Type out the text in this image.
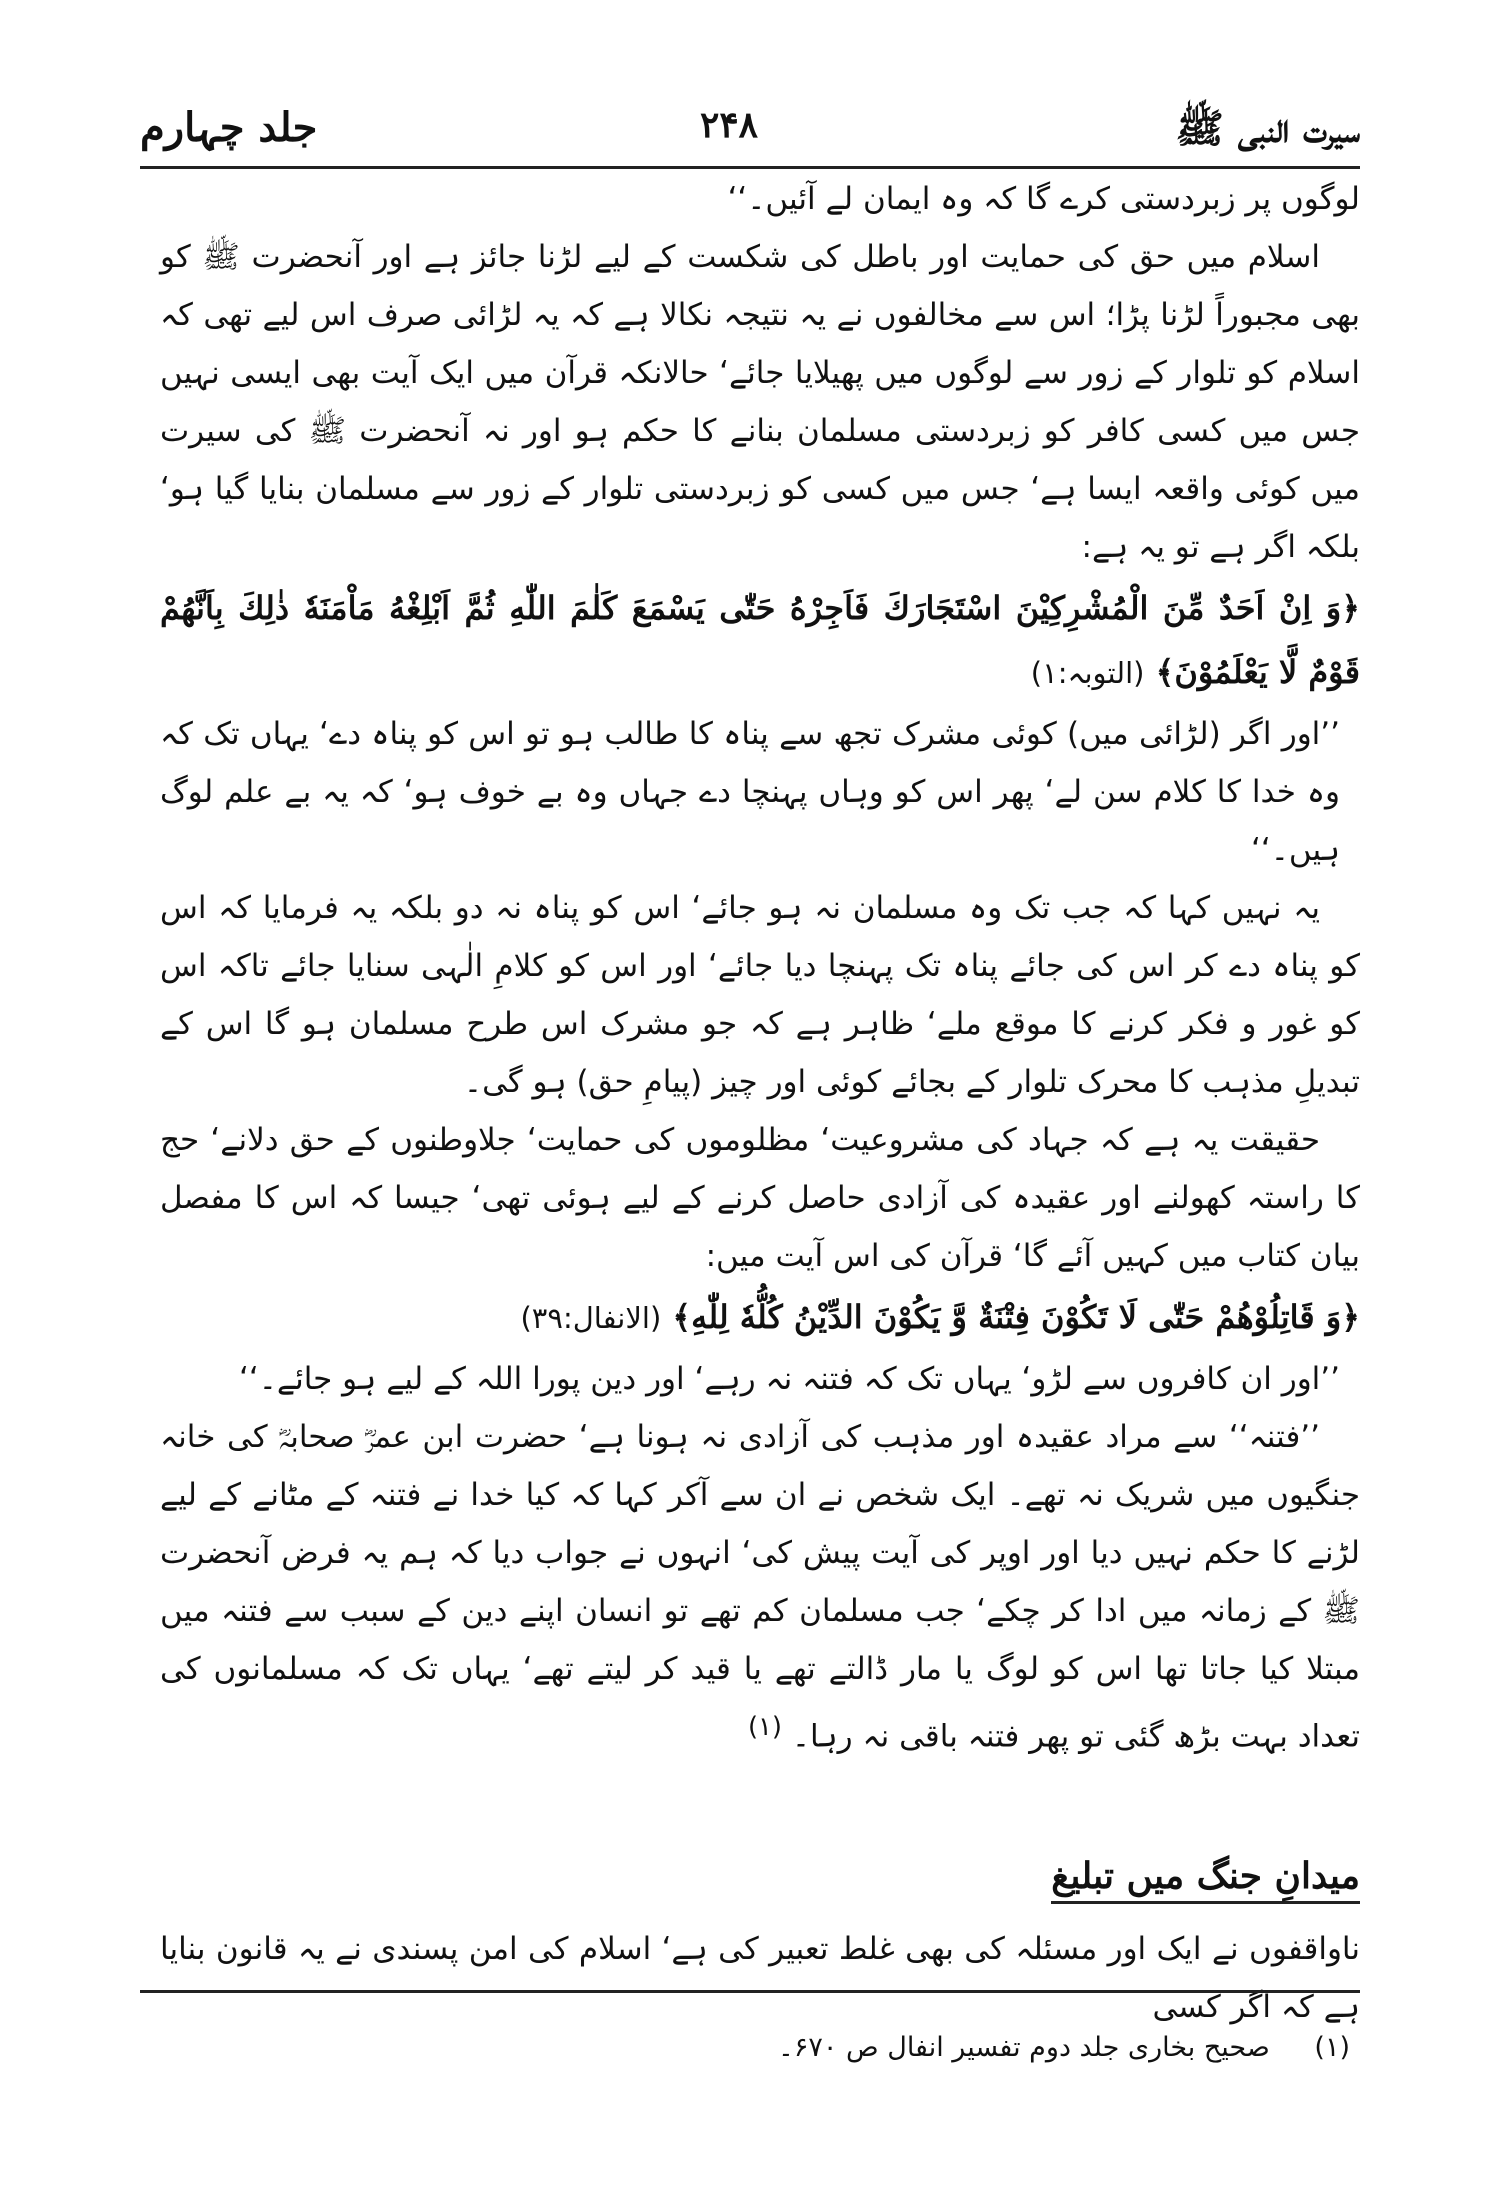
سیرت النبی ﷺ
۲۴۸
جلد چہارم

لوگوں پر زبردستی کرے گا کہ وہ ایمان لے آئیں۔‘‘

اسلام میں حق کی حمایت اور باطل کی شکست کے لیے لڑنا جائز ہے اور آنحضرت ﷺ کو بھی مجبوراً لڑنا پڑا؛ اس سے مخالفوں نے یہ نتیجہ نکالا ہے کہ یہ لڑائی صرف اس لیے تھی کہ اسلام کو تلوار کے زور سے لوگوں میں پھیلایا جائے‘ حالانکہ قرآن میں ایک آیت بھی ایسی نہیں جس میں کسی کافر کو زبردستی مسلمان بنانے کا حکم ہو اور نہ آنحضرت ﷺ کی سیرت میں کوئی واقعہ ایسا ہے‘ جس میں کسی کو زبردستی تلوار کے زور سے مسلمان بنایا گیا ہو‘ بلکہ اگر ہے تو یہ ہے:

﴿وَ اِنْ اَحَدٌ مِّنَ الْمُشْرِكِيْنَ اسْتَجَارَكَ فَاَجِرْهُ حَتّٰى يَسْمَعَ كَلٰمَ اللّٰهِ ثُمَّ اَبْلِغْهُ مَاْمَنَهٗ ذٰلِكَ بِاَنَّهُمْ قَوْمٌ لَّا يَعْلَمُوْنَ﴾ (التوبہ:۱)

’’اور اگر (لڑائی میں) کوئی مشرک تجھ سے پناہ کا طالب ہو تو اس کو پناہ دے‘ یہاں تک کہ وہ خدا کا کلام سن لے‘ پھر اس کو وہاں پہنچا دے جہاں وہ بے خوف ہو‘ کہ یہ بے علم لوگ ہیں۔‘‘

یہ نہیں کہا کہ جب تک وہ مسلمان نہ ہو جائے‘ اس کو پناہ نہ دو بلکہ یہ فرمایا کہ اس کو پناہ دے کر اس کی جائے پناہ تک پہنچا دیا جائے‘ اور اس کو کلامِ الٰہی سنایا جائے تاکہ اس کو غور و فکر کرنے کا موقع ملے‘ ظاہر ہے کہ جو مشرک اس طرح مسلمان ہو گا اس کے تبدیلِ مذہب کا محرک تلوار کے بجائے کوئی اور چیز (پیامِ حق) ہو گی۔

حقیقت یہ ہے کہ جہاد کی مشروعیت‘ مظلوموں کی حمایت‘ جلاوطنوں کے حق دلانے‘ حج کا راستہ کھولنے اور عقیدہ کی آزادی حاصل کرنے کے لیے ہوئی تھی‘ جیسا کہ اس کا مفصل بیان کتاب میں کہیں آئے گا‘ قرآن کی اس آیت میں:

﴿وَ قَاتِلُوْهُمْ حَتّٰى لَا تَكُوْنَ فِتْنَةٌ وَّ يَكُوْنَ الدِّيْنُ كُلُّهٗ لِلّٰهِ﴾ (الانفال:۳۹)

’’اور ان کافروں سے لڑو‘ یہاں تک کہ فتنہ نہ رہے‘ اور دین پورا اللہ کے لیے ہو جائے۔‘‘

’’فتنہ‘‘ سے مراد عقیدہ اور مذہب کی آزادی نہ ہونا ہے‘ حضرت ابن عمرؓ صحابہؓ کی خانہ جنگیوں میں شریک نہ تھے۔ ایک شخص نے ان سے آکر کہا کہ کیا خدا نے فتنہ کے مٹانے کے لیے لڑنے کا حکم نہیں دیا اور اوپر کی آیت پیش کی‘ انہوں نے جواب دیا کہ ہم یہ فرض آنحضرت ﷺ کے زمانہ میں ادا کر چکے‘ جب مسلمان کم تھے تو انسان اپنے دین کے سبب سے فتنہ میں مبتلا کیا جاتا تھا اس کو لوگ یا مار ڈالتے تھے یا قید کر لیتے تھے‘ یہاں تک کہ مسلمانوں کی تعداد بہت بڑھ گئی تو پھر فتنہ باقی نہ رہا۔ $^{(۱)}$

میدانِ جنگ میں تبلیغ
ناواقفوں نے ایک اور مسئلہ کی بھی غلط تعبیر کی ہے‘ اسلام کی امن پسندی نے یہ قانون بنایا ہے کہ اگر کسی
(۱) صحیح بخاری جلد دوم تفسیر انفال ص ۶۷۰۔
